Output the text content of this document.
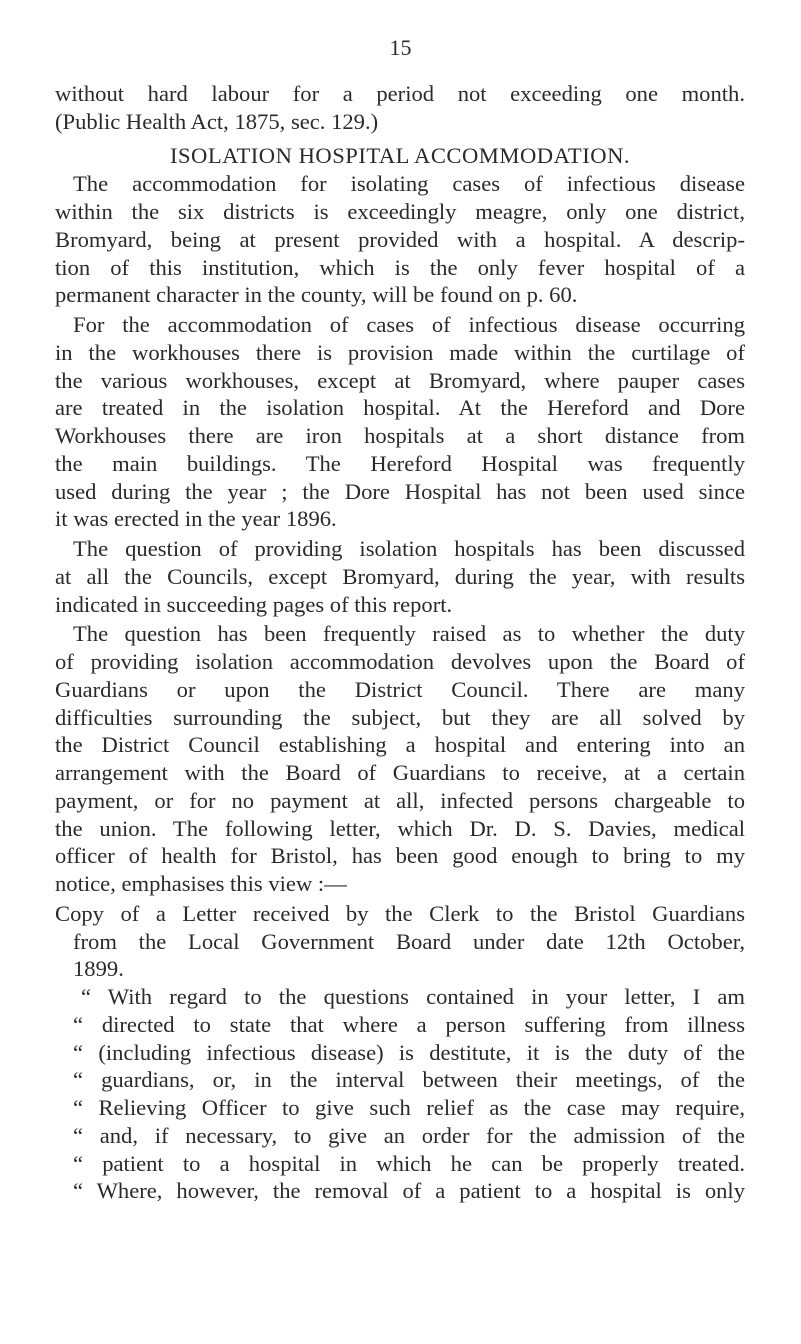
15
without hard labour for a period not exceeding one month.
(Public Health Act, 1875, sec. 129.)
ISOLATION HOSPITAL ACCOMMODATION.
The accommodation for isolating cases of infectious disease
within the six districts is exceedingly meagre, only one district,
Bromyard, being at present provided with a hospital. A descrip-
tion of this institution, which is the only fever hospital of a
permanent character in the county, will be found on p. 60.
For the accommodation of cases of infectious disease occurring
in the workhouses there is provision made within the curtilage of
the various workhouses, except at Bromyard, where pauper cases
are treated in the isolation hospital. At the Hereford and Dore
Workhouses there are iron hospitals at a short distance from
the main buildings. The Hereford Hospital was frequently
used during the year ; the Dore Hospital has not been used since
it was erected in the year 1896.
The question of providing isolation hospitals has been discussed
at all the Councils, except Bromyard, during the year, with results
indicated in succeeding pages of this report.
The question has been frequently raised as to whether the duty
of providing isolation accommodation devolves upon the Board of
Guardians or upon the District Council. There are many
difficulties surrounding the subject, but they are all solved by
the District Council establishing a hospital and entering into an
arrangement with the Board of Guardians to receive, at a certain
payment, or for no payment at all, infected persons chargeable to
the union. The following letter, which Dr. D. S. Davies, medical
officer of health for Bristol, has been good enough to bring to my
notice, emphasises this view :—
Copy of a Letter received by the Clerk to the Bristol Guardians
from the Local Government Board under date 12th October,
1899.
“ With regard to the questions contained in your letter, I am
“ directed to state that where a person suffering from illness
“ (including infectious disease) is destitute, it is the duty of the
“ guardians, or, in the interval between their meetings, of the
“ Relieving Officer to give such relief as the case may require,
“ and, if necessary, to give an order for the admission of the
“ patient to a hospital in which he can be properly treated.
“ Where, however, the removal of a patient to a hospital is only
